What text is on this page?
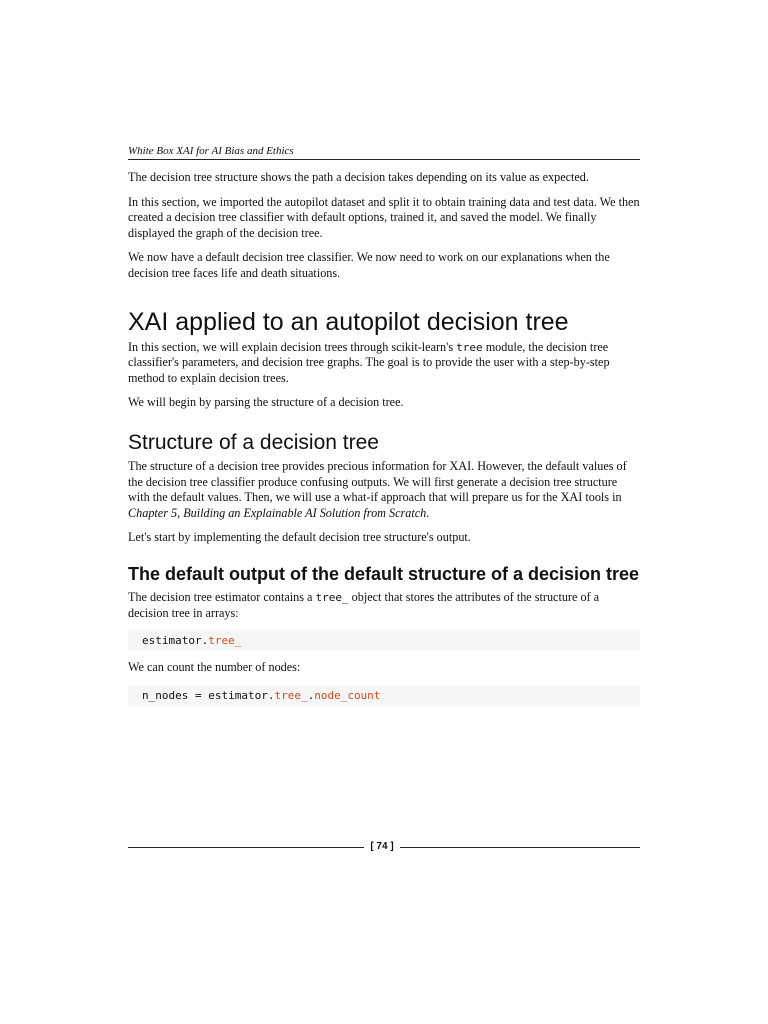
White Box XAI for AI Bias and Ethics

The decision tree structure shows the path a decision takes depending on its value as expected.

In this section, we imported the autopilot dataset and split it to obtain training data and test data. We then created a decision tree classifier with default options, trained it, and saved the model. We finally displayed the graph of the decision tree.

We now have a default decision tree classifier. We now need to work on our explanations when the decision tree faces life and death situations.

XAI applied to an autopilot decision tree

In this section, we will explain decision trees through scikit-learn's tree module, the decision tree classifier's parameters, and decision tree graphs. The goal is to provide the user with a step-by-step method to explain decision trees.

We will begin by parsing the structure of a decision tree.

Structure of a decision tree

The structure of a decision tree provides precious information for XAI. However, the default values of the decision tree classifier produce confusing outputs. We will first generate a decision tree structure with the default values. Then, we will use a what-if approach that will prepare us for the XAI tools in Chapter 5, Building an Explainable AI Solution from Scratch.

Let's start by implementing the default decision tree structure's output.

The default output of the default structure of a decision tree

The decision tree estimator contains a tree_ object that stores the attributes of the structure of a decision tree in arrays:

estimator.tree_

We can count the number of nodes:

n_nodes = estimator.tree_.node_count
[ 74 ]
